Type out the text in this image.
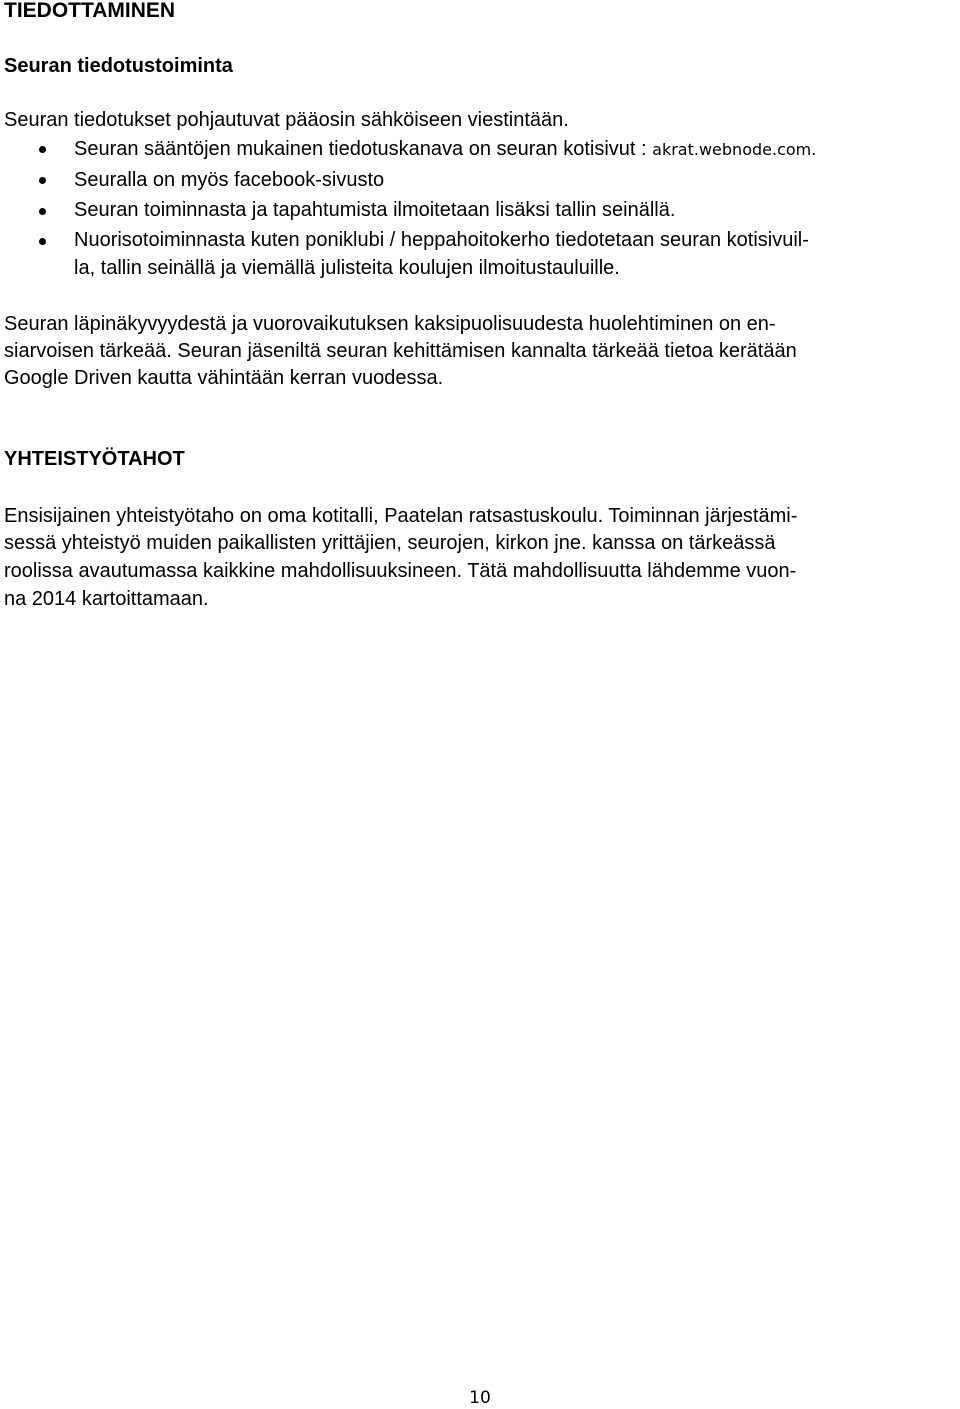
TIEDOTTAMINEN
Seuran tiedotustoiminta

Seuran tiedotukset pohjautuvat pääosin sähköiseen viestintään.

Seuran sääntöjen mukainen tiedotuskanava on seuran kotisivut : akrat.webnode.com.

Seuralla on myös facebook-sivusto

Seuran toiminnasta ja tapahtumista ilmoitetaan lisäksi tallin seinällä.

Nuorisotoiminnasta kuten poniklubi / heppahoitokerho tiedotetaan seuran kotisivuil-

la, tallin seinällä ja viemällä julisteita koulujen ilmoitustauluille.

Seuran läpinäkyvyydestä ja vuorovaikutuksen kaksipuolisuudesta huolehtiminen on en-

siarvoisen tärkeää. Seuran jäseniltä seuran kehittämisen kannalta tärkeää tietoa kerätään

Google Driven kautta vähintään kerran vuodessa.

YHTEISTYÖTAHOT

Ensisijainen yhteistyötaho on oma kotitalli, Paatelan ratsastuskoulu. Toiminnan järjestämi-

sessä yhteistyö muiden paikallisten yrittäjien, seurojen, kirkon jne. kanssa on tärkeässä

roolissa avautumassa kaikkine mahdollisuuksineen. Tätä mahdollisuutta lähdemme vuon-

na 2014 kartoittamaan.

10
